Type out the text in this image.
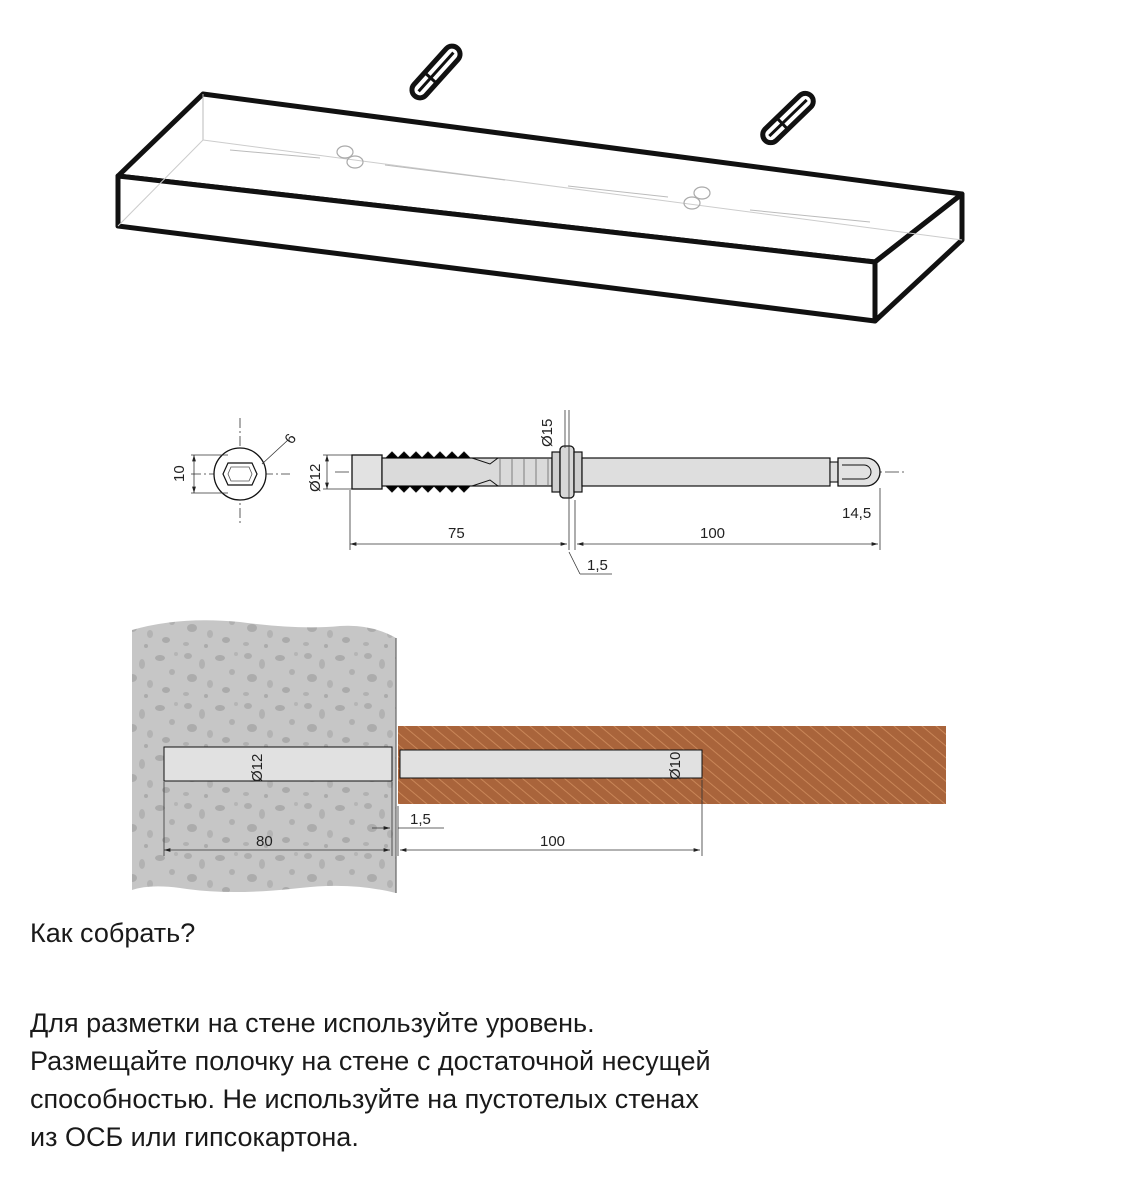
10
6
Ø12
Ø15
75	100
1,5
14,5
Ø12	Ø10
1,5
80	100
Как собрать?
Для разметки на стене используйте уровень.
Размещайте полочку на стене с достаточной несущей
способностью. Не используйте на пустотелых стенах
из ОСБ или гипсокартона.
